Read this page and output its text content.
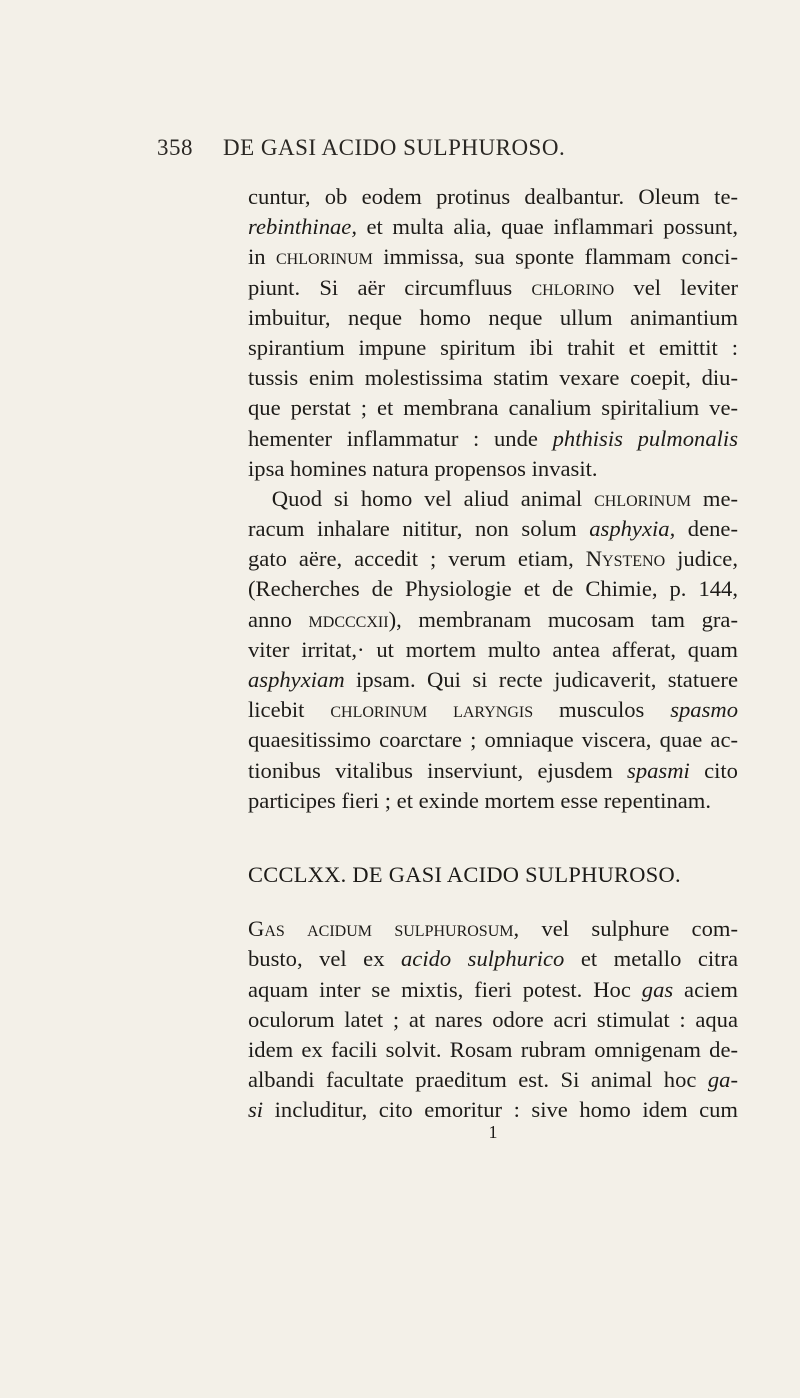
358 DE GASI ACIDO SULPHUROSO.
cuntur, ob eodem protinus dealbantur. Oleum te-
rebinthinae, et multa alia, quae inflammari possunt,
in chlorinum immissa, sua sponte flammam conci-
piunt. Si aër circumfluus chlorino vel leviter
imbuitur, neque homo neque ullum animantium
spirantium impune spiritum ibi trahit et emittit :
tussis enim molestissima statim vexare coepit, diu-
que perstat ; et membrana canalium spiritalium ve-
hementer inflammatur : unde phthisis pulmonalis
ipsa homines natura propensos invasit.
Quod si homo vel aliud animal chlorinum me-
racum inhalare nititur, non solum asphyxia, dene-
gato aëre, accedit ; verum etiam, Nysteno judice,
(Recherches de Physiologie et de Chimie, p. 144,
anno mdcccxii), membranam mucosam tam gra-
viter irritat,· ut mortem multo antea afferat, quam
asphyxiam ipsam. Qui si recte judicaverit, statuere
licebit chlorinum laryngis musculos spasmo
quaesitissimo coarctare ; omniaque viscera, quae ac-
tionibus vitalibus inserviunt, ejusdem spasmi cito
participes fieri ; et exinde mortem esse repentinam.
CCCLXX. DE GASI ACIDO SULPHUROSO.
Gas acidum sulphurosum, vel sulphure com-
busto, vel ex acido sulphurico et metallo citra
aquam inter se mixtis, fieri potest. Hoc gas aciem
oculorum latet ; at nares odore acri stimulat : aqua
idem ex facili solvit. Rosam rubram omnigenam de-
albandi facultate praeditum est. Si animal hoc ga-
si includitur, cito emoritur : sive homo idem cum
1
